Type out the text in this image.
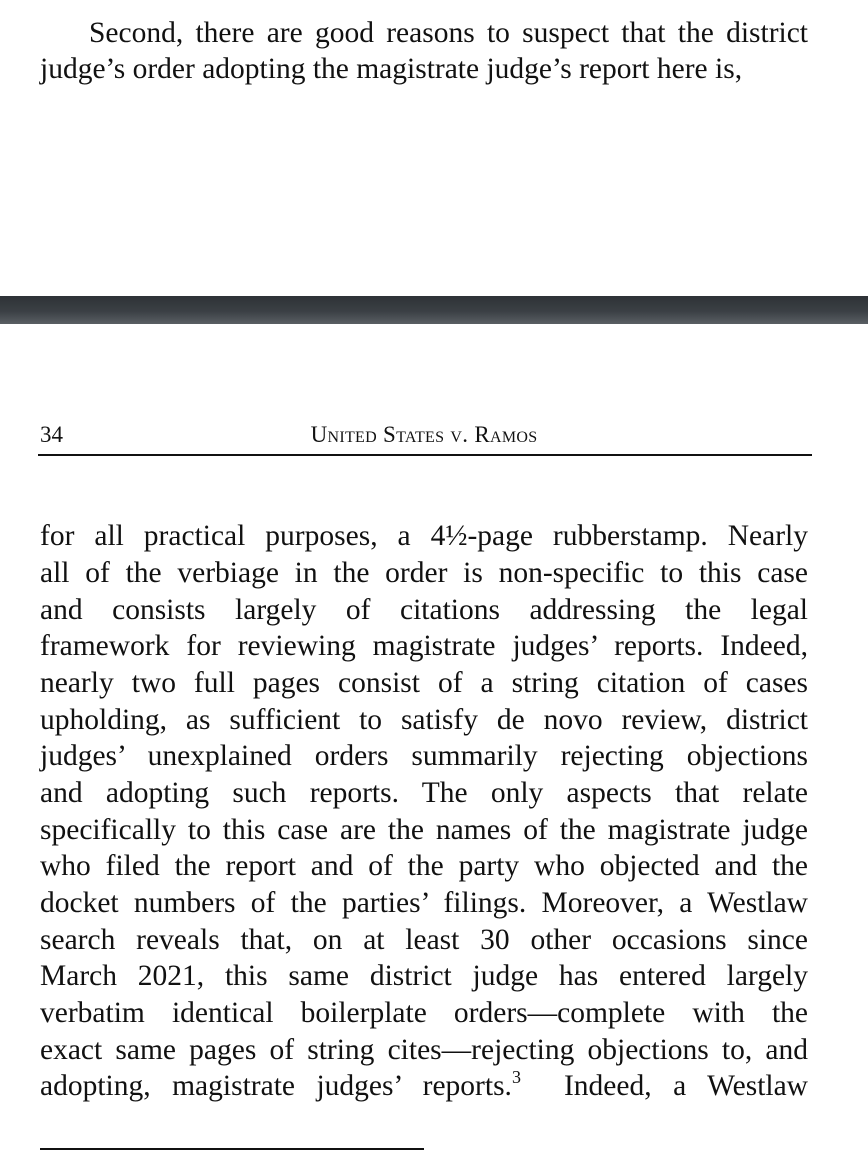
Second, there are good reasons to suspect that the district
judge’s order adopting the magistrate judge’s report here is,
34	United States v. Ramos
for all practical purposes, a 4½-page rubberstamp. Nearly
all of the verbiage in the order is non-specific to this case
and consists largely of citations addressing the legal
framework for reviewing magistrate judges’ reports. Indeed,
nearly two full pages consist of a string citation of cases
upholding, as sufficient to satisfy de novo review, district
judges’ unexplained orders summarily rejecting objections
and adopting such reports. The only aspects that relate
specifically to this case are the names of the magistrate judge
who filed the report and of the party who objected and the
docket numbers of the parties’ filings. Moreover, a Westlaw
search reveals that, on at least 30 other occasions since
March 2021, this same district judge has entered largely
verbatim identical boilerplate orders—complete with the
exact same pages of string cites—rejecting objections to, and
adopting, magistrate judges’ reports.$^3$  Indeed, a Westlaw
